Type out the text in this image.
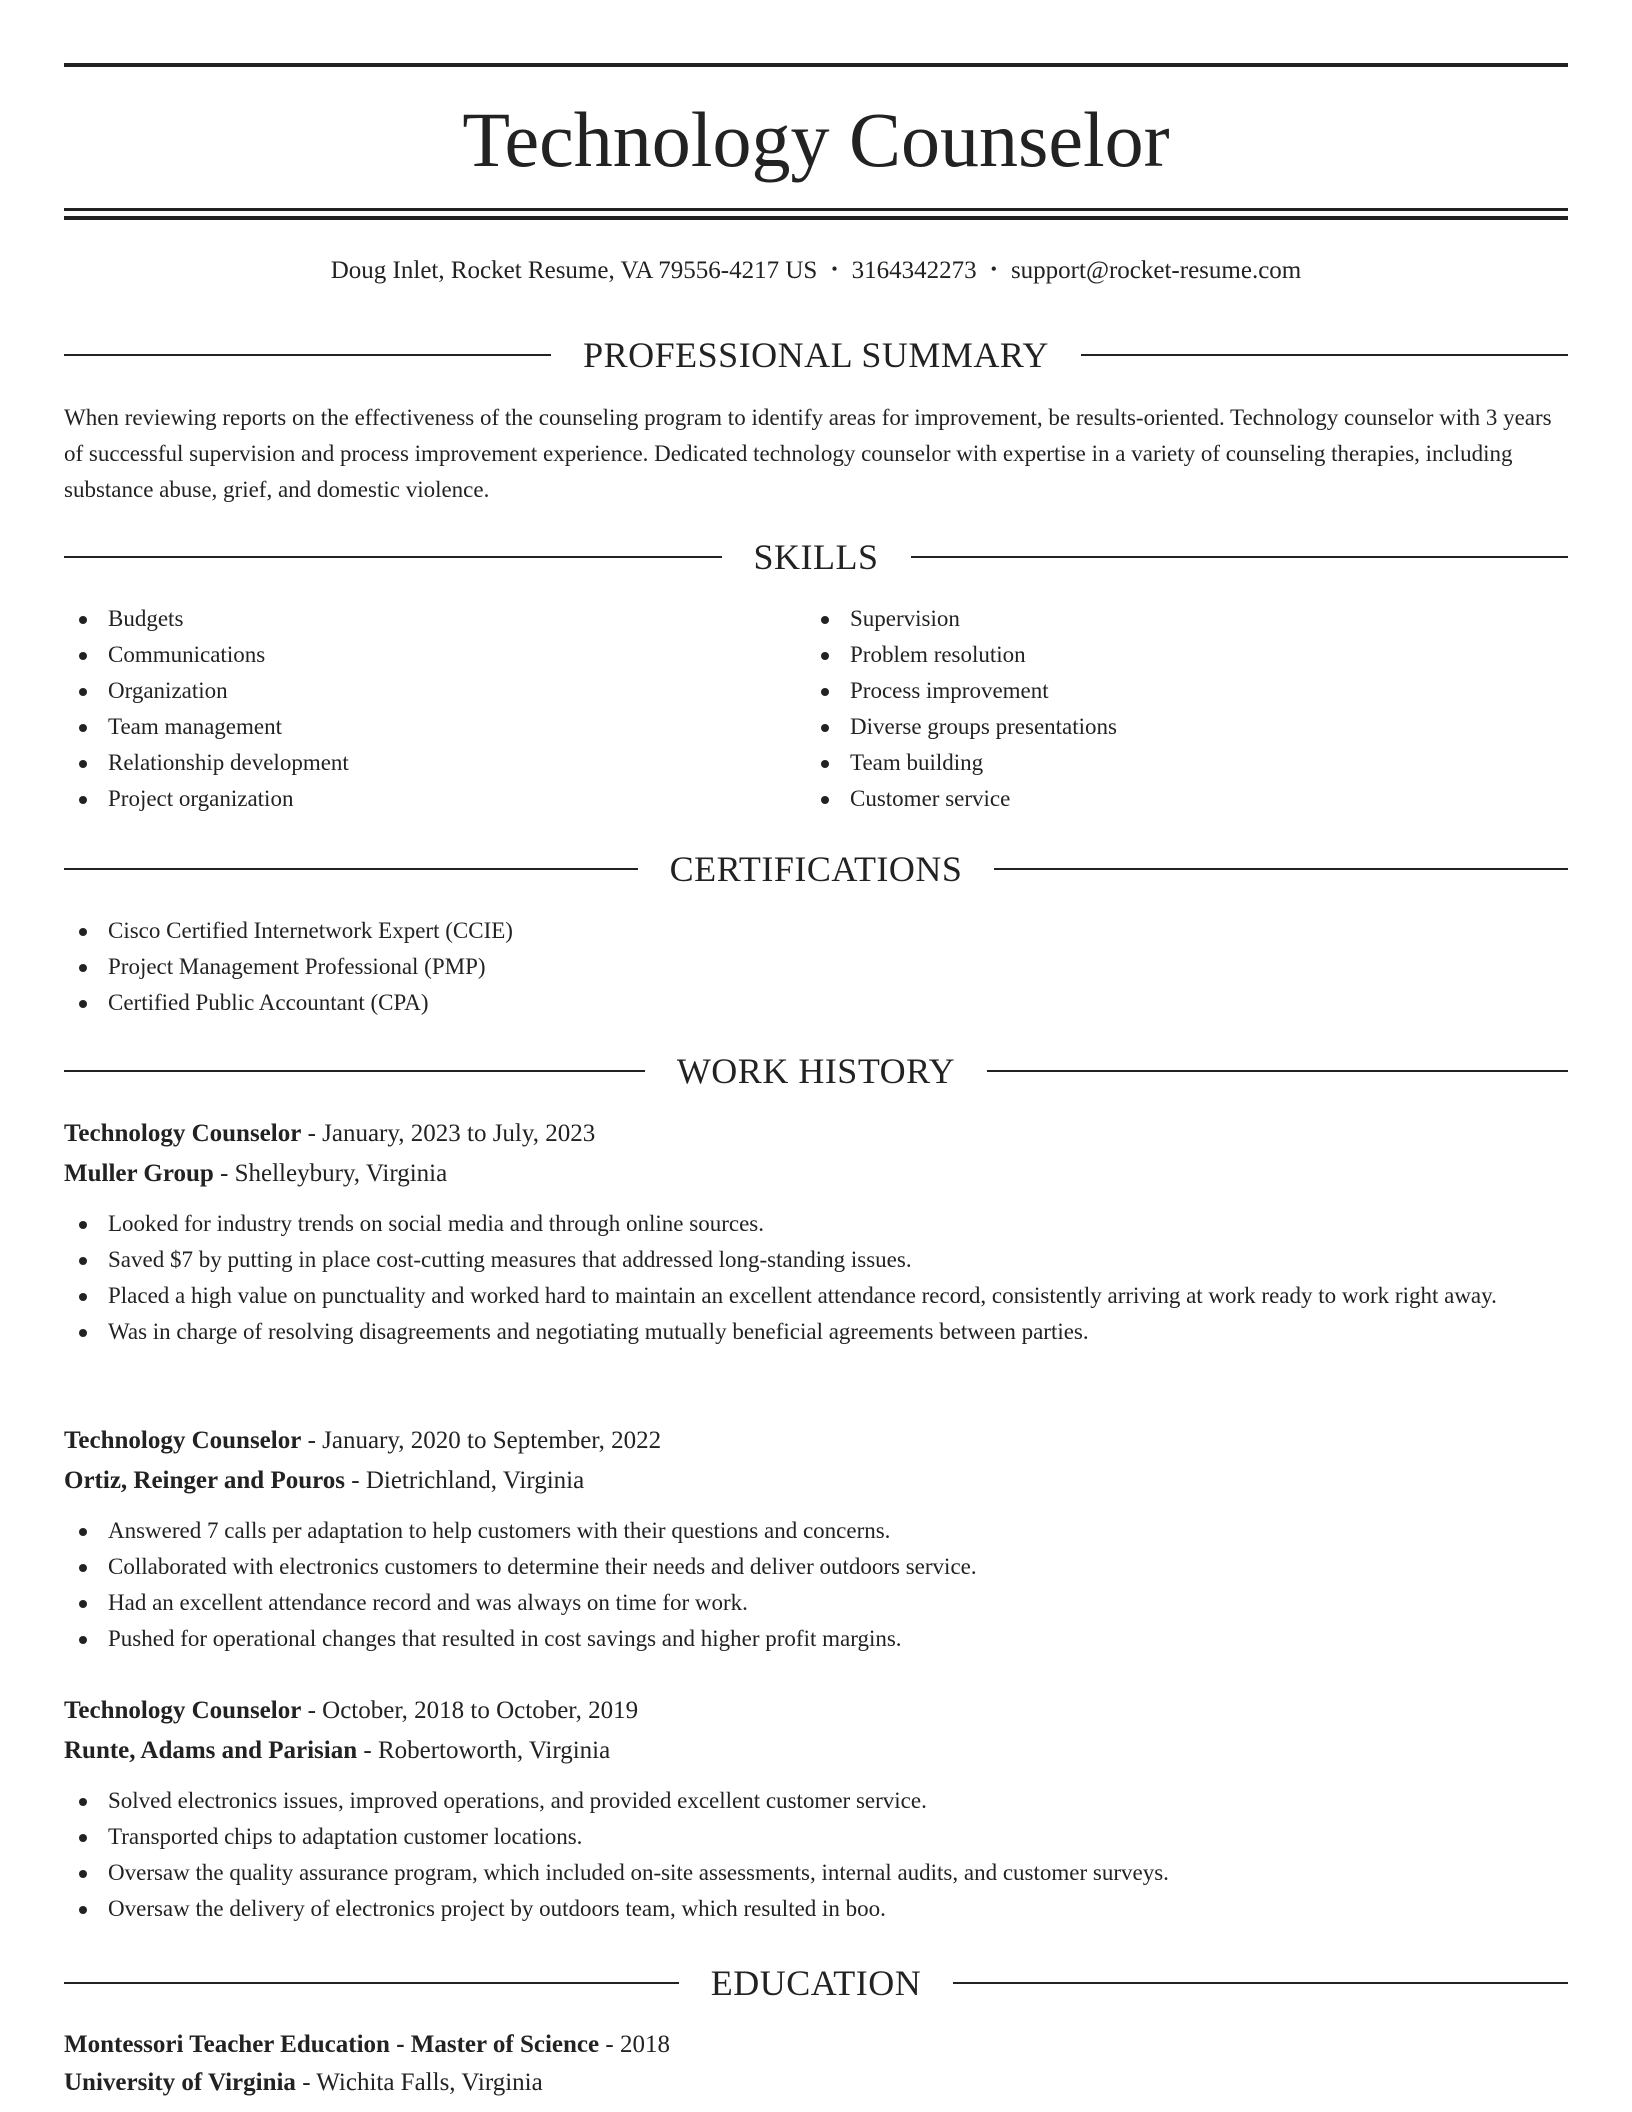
Technology Counselor
Doug Inlet, Rocket Resume, VA 79556-4217 US • 3164342273 • support@rocket-resume.com
PROFESSIONAL SUMMARY

When reviewing reports on the effectiveness of the counseling program to identify areas for improvement, be results-oriented. Technology counselor with 3 years of successful supervision and process improvement experience. Dedicated technology counselor with expertise in a variety of counseling therapies, including substance abuse, grief, and domestic violence.

SKILLS
Budgets
Communications
Organization
Team management
Relationship development
Project organization
Supervision
Problem resolution
Process improvement
Diverse groups presentations
Team building
Customer service
CERTIFICATIONS
Cisco Certified Internetwork Expert (CCIE)
Project Management Professional (PMP)
Certified Public Accountant (CPA)
WORK HISTORY
Technology Counselor - January, 2023 to July, 2023
Muller Group - Shelleybury, Virginia
Looked for industry trends on social media and through online sources.
Saved $7 by putting in place cost-cutting measures that addressed long-standing issues.
Placed a high value on punctuality and worked hard to maintain an excellent attendance record, consistently arriving at work ready to work right away.
Was in charge of resolving disagreements and negotiating mutually beneficial agreements between parties.
Technology Counselor - January, 2020 to September, 2022
Ortiz, Reinger and Pouros - Dietrichland, Virginia
Answered 7 calls per adaptation to help customers with their questions and concerns.
Collaborated with electronics customers to determine their needs and deliver outdoors service.
Had an excellent attendance record and was always on time for work.
Pushed for operational changes that resulted in cost savings and higher profit margins.
Technology Counselor - October, 2018 to October, 2019
Runte, Adams and Parisian - Robertoworth, Virginia
Solved electronics issues, improved operations, and provided excellent customer service.
Transported chips to adaptation customer locations.
Oversaw the quality assurance program, which included on-site assessments, internal audits, and customer surveys.
Oversaw the delivery of electronics project by outdoors team, which resulted in boo.
EDUCATION
Montessori Teacher Education - Master of Science - 2018
University of Virginia - Wichita Falls, Virginia
